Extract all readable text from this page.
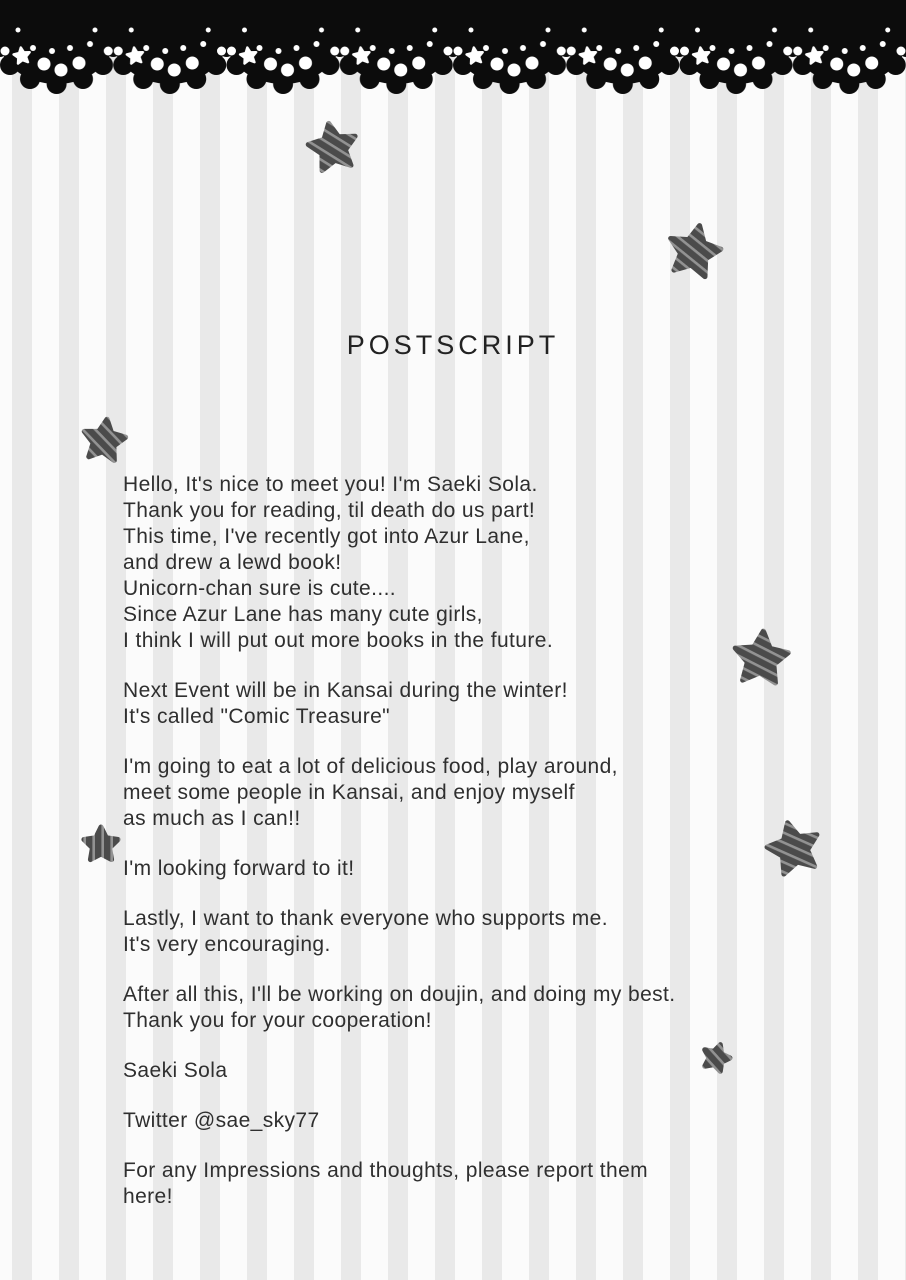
POSTSCRIPT
Hello, It's nice to meet you! I'm Saeki Sola.
Thank you for reading, til death do us part!
This time, I've recently got into Azur Lane,
and drew a lewd book!
Unicorn-chan sure is cute....
Since Azur Lane has many cute girls,
I think I will put out more books in the future.
Next Event will be in Kansai during the winter!
It's called "Comic Treasure"
I'm going to eat a lot of delicious food, play around,
meet some people in Kansai, and enjoy myself
as much as I can!!
I'm looking forward to it!
Lastly, I want to thank everyone who supports me.
It's very encouraging.
After all this, I'll be working on doujin, and doing my best.
Thank you for your cooperation!
Saeki Sola
Twitter @sae_sky77
For any Impressions and thoughts, please report them
here!
